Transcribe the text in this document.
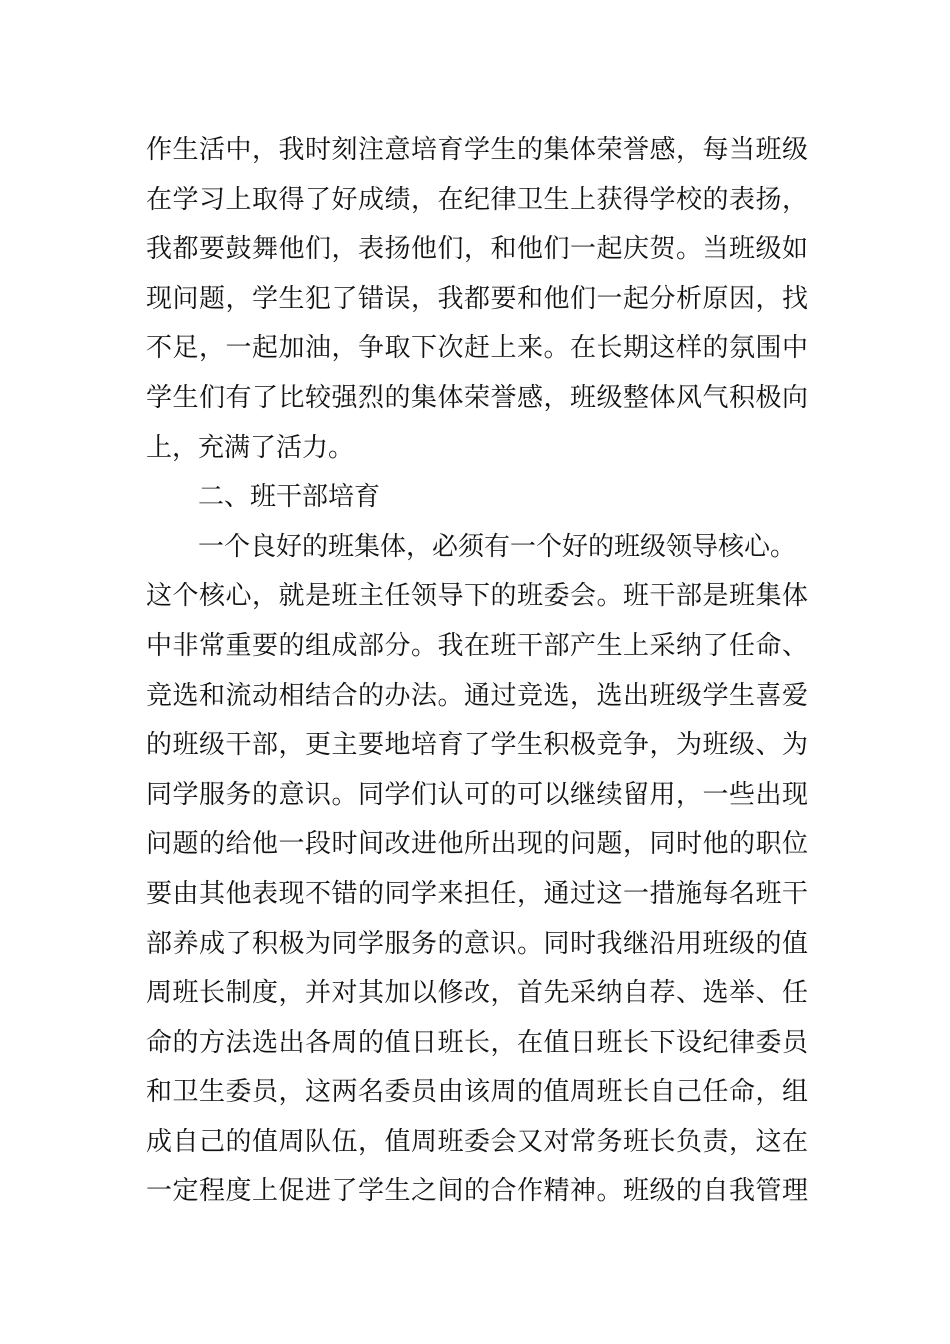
作生活中，我时刻注意培育学生的集体荣誉感，每当班级
在学习上取得了好成绩，在纪律卫生上获得学校的表扬，
我都要鼓舞他们，表扬他们，和他们一起庆贺。当班级如
现问题，学生犯了错误，我都要和他们一起分析原因，找
不足，一起加油，争取下次赶上来。在长期这样的氛围中
学生们有了比较强烈的集体荣誉感，班级整体风气积极向
上，充满了活力。
二、班干部培育
一个良好的班集体，必须有一个好的班级领导核心。
这个核心，就是班主任领导下的班委会。班干部是班集体
中非常重要的组成部分。我在班干部产生上采纳了任命、
竞选和流动相结合的办法。通过竞选，选出班级学生喜爱
的班级干部，更主要地培育了学生积极竞争，为班级、为
同学服务的意识。同学们认可的可以继续留用，一些出现
问题的给他一段时间改进他所出现的问题，同时他的职位
要由其他表现不错的同学来担任，通过这一措施每名班干
部养成了积极为同学服务的意识。同时我继沿用班级的值
周班长制度，并对其加以修改，首先采纳自荐、选举、任
命的方法选出各周的值日班长，在值日班长下设纪律委员
和卫生委员，这两名委员由该周的值周班长自己任命，组
成自己的值周队伍，值周班委会又对常务班长负责，这在
一定程度上促进了学生之间的合作精神。班级的自我管理
